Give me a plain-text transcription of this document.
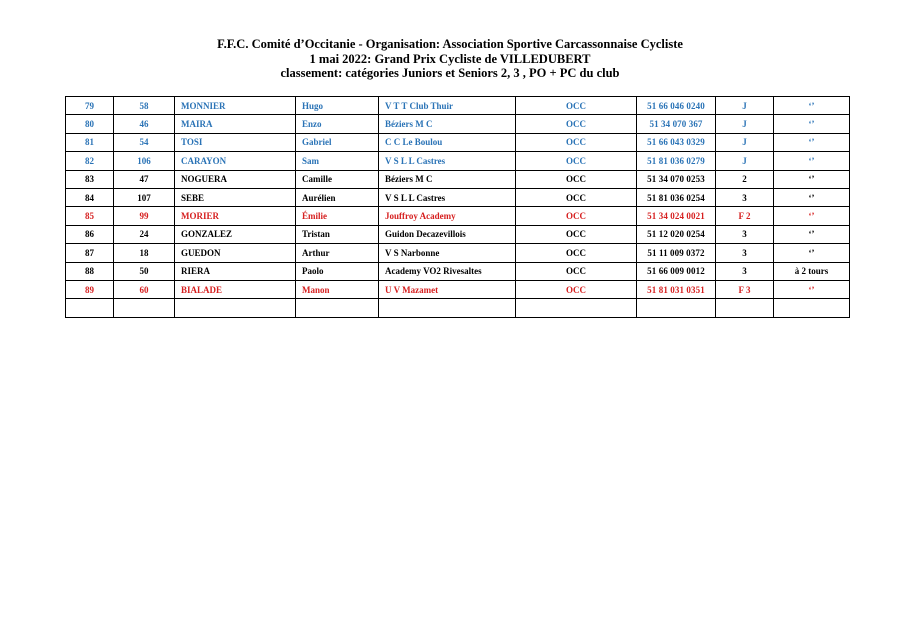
F.F.C. Comité d’Occitanie - Organisation: Association Sportive Carcassonnaise Cycliste
1 mai 2022: Grand Prix Cycliste de VILLEDUBERT
classement: catégories Juniors et Seniors 2, 3 , PO + PC du club
79	58	MONNIER	Hugo	V T T Club Thuir	OCC	51 66 046 0240	J	‘’
80	46	MAIRA	Enzo	Béziers M C	OCC	51 34 070 367	J	‘’
81	54	TOSI	Gabriel	C C Le Boulou	OCC	51 66 043 0329	J	‘’
82	106	CARAYON	Sam	V S L L Castres	OCC	51 81 036 0279	J	‘’
83	47	NOGUERA	Camille	Béziers M C	OCC	51 34 070 0253	2	‘’
84	107	SEBE	Aurélien	V S L L Castres	OCC	51 81 036 0254	3	‘’
85	99	MORIER	Émilie	Jouffroy Academy	OCC	51 34 024 0021	F 2	‘’
86	24	GONZALEZ	Tristan	Guidon Decazevillois	OCC	51 12 020 0254	3	‘’
87	18	GUEDON	Arthur	V S Narbonne	OCC	51 11 009 0372	3	‘’
88	50	RIERA	Paolo	Academy VO2 Rivesaltes	OCC	51 66 009 0012	3	à 2 tours
89	60	BIALADE	Manon	U V Mazamet	OCC	51 81 031 0351	F 3	‘’
